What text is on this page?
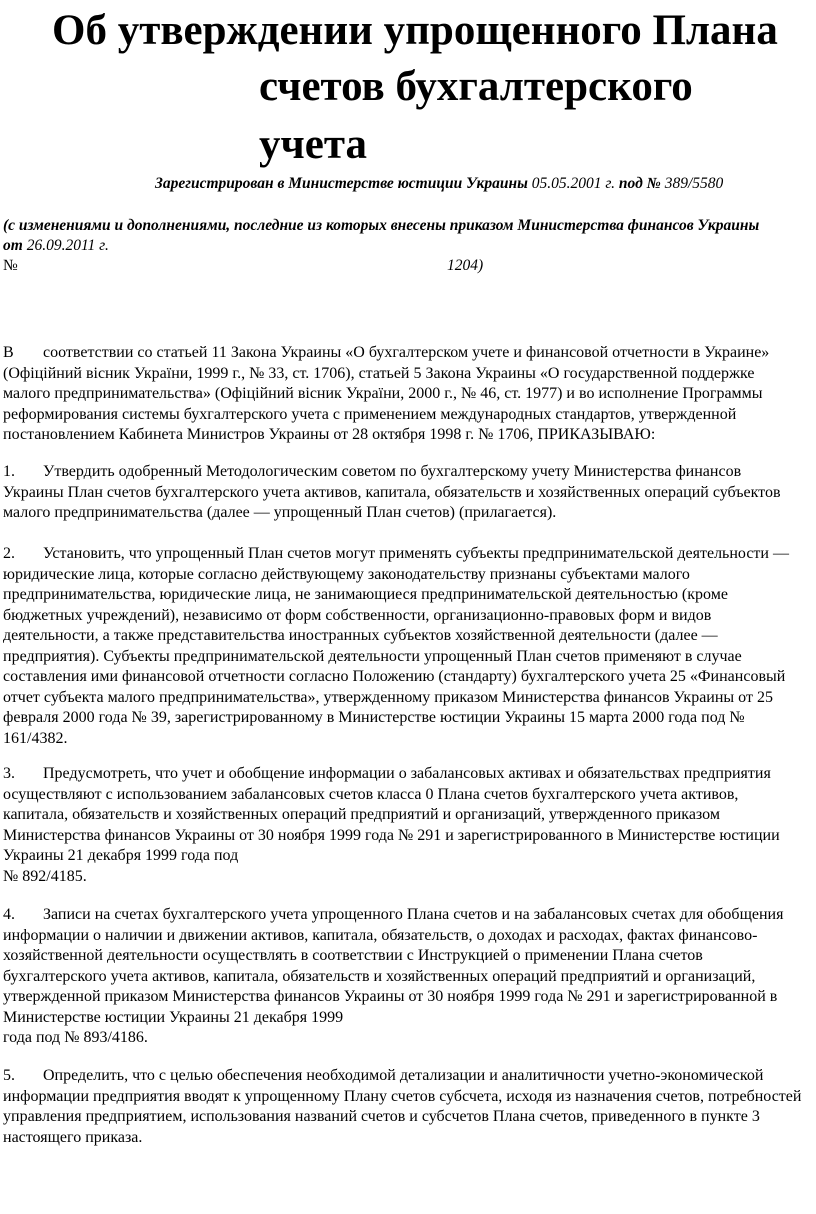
Об утверждении упрощенного Плана
счетов бухгалтерского
учета
Зарегистрирован в Министерстве юстиции Украины 05.05.2001 г. под № 389/5580
(с изменениями и дополнениями, последние из которых внесены приказом Министерства финансов Украины
от 26.09.2011 г.
№	1204)

В соответствии со статьей 11 Закона Украины «О бухгалтерском учете и финансовой отчетности в Украине» (Офіційний вісник України, 1999 г., № 33, ст. 1706), статьей 5 Закона Украины «О государственной поддержке малого предпринимательства» (Офіційний вісник України, 2000 г., № 46, ст. 1977) и во исполнение Программы реформирования системы бухгалтерского учета с применением международных стандартов, утвержденной постановлением Кабинета Министров Украины от 28 октября 1998 г. № 1706, ПРИКАЗЫВАЮ:

1. Утвердить одобренный Методологическим советом по бухгалтерскому учету Министерства финансов Украины План счетов бухгалтерского учета активов, капитала, обязательств и хозяйственных операций субъектов малого предпринимательства (далее — упрощенный План счетов) (прилагается).

2. Установить, что упрощенный План счетов могут применять субъекты предпринимательской деятельности — юридические лица, которые согласно действующему законодательству признаны субъектами малого предпринимательства, юридические лица, не занимающиеся предпринимательской деятельностью (кроме бюджетных учреждений), независимо от форм собственности, организационно-правовых форм и видов деятельности, а также представительства иностранных субъектов хозяйственной деятельности (далее — предприятия). Субъекты предпринимательской деятельности упрощенный План счетов применяют в случае составления ими финансовой отчетности согласно Положению (стандарту) бухгалтерского учета 25 «Финансовый отчет субъекта малого предпринимательства», утвержденному приказом Министерства финансов Украины от 25 февраля 2000 года № 39, зарегистрированному в Министерстве юстиции Украины 15 марта 2000 года под № 161/4382.

3. Предусмотреть, что учет и обобщение информации о забалансовых активах и обязательствах предприятия осуществляют с использованием забалансовых счетов класса 0 Плана счетов бухгалтерского учета активов, капитала, обязательств и хозяйственных операций предприятий и организаций, утвержденного приказом Министерства финансов Украины от 30 ноября 1999 года № 291 и зарегистрированного в Министерстве юстиции Украины 21 декабря 1999 года под
№ 892/4185.

4. Записи на счетах бухгалтерского учета упрощенного Плана счетов и на забалансовых счетах для обобщения информации о наличии и движении активов, капитала, обязательств, о доходах и расходах, фактах финансово-хозяйственной деятельности осуществлять в соответствии с Инструкцией о применении Плана счетов бухгалтерского учета активов, капитала, обязательств и хозяйственных операций предприятий и организаций, утвержденной приказом Министерства финансов Украины от 30 ноября 1999 года № 291 и зарегистрированной в Министерстве юстиции Украины 21 декабря 1999
года под № 893/4186.

5. Определить, что с целью обеспечения необходимой детализации и аналитичности учетно-экономической информации предприятия вводят к упрощенному Плану счетов субсчета, исходя из назначения счетов, потребностей управления предприятием, использования названий счетов и субсчетов Плана счетов, приведенного в пункте 3 настоящего приказа.
